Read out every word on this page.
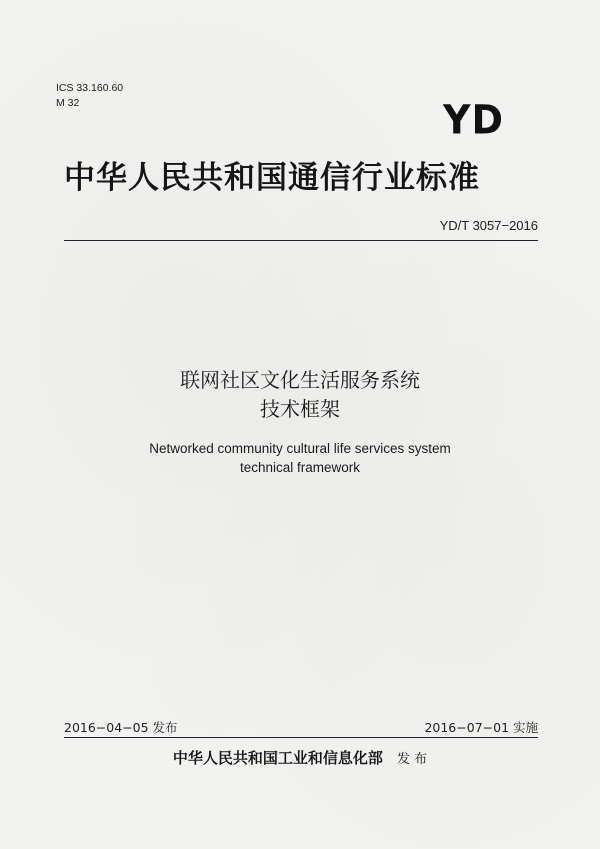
ICS 33.160.60
M 32	YD
中华人民共和国通信行业标准
YD/T 3057−2016
联网社区文化生活服务系统
技术框架
Networked community cultural life services system
technical framework
2016−04−05 发布	2016−07−01 实施
中华人民共和国工业和信息化部 发 布
